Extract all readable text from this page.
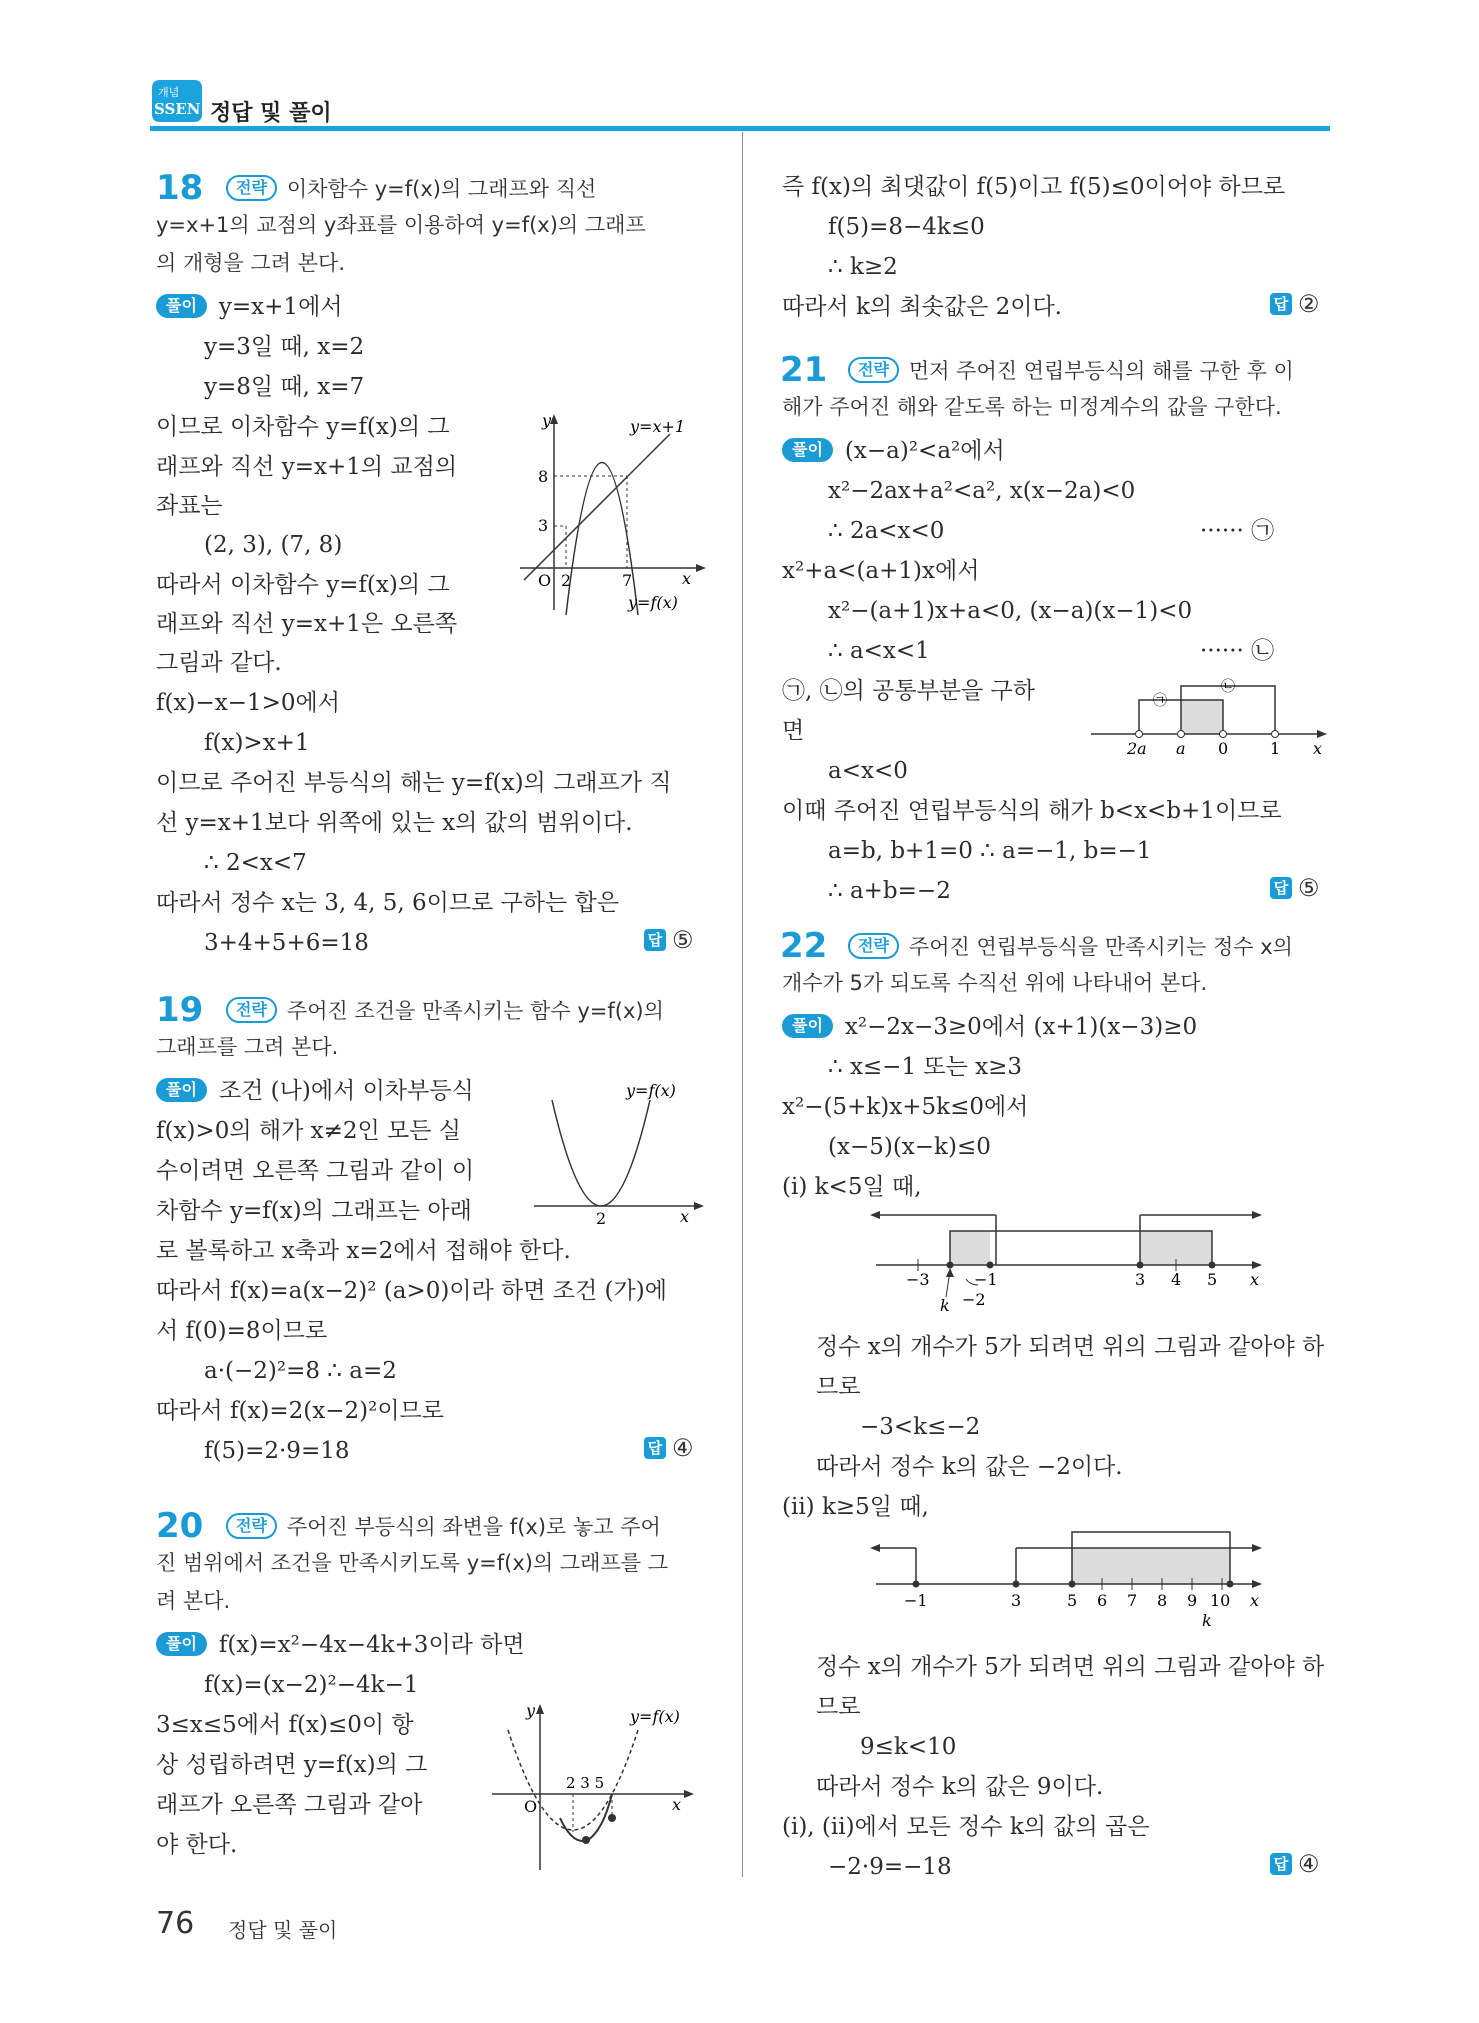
개념
SSEN 정답 및 풀이
18	전략 이차함수 y=f(x)의 그래프와 직선
y=x+1의 교점의 y좌표를 이용하여 y=f(x)의 그래프
의 개형을 그려 본다.
풀이 y=x+1에서
y=3일 때, x=2
y=8일 때, x=7
이므로 이차함수 y=f(x)의 그
래프와 직선 y=x+1의 교점의
좌표는
(2, 3), (7, 8)
따라서 이차함수 y=f(x)의 그
래프와 직선 y=x+1은 오른쪽
그림과 같다.
f(x)−x−1>0에서
f(x)>x+1
이므로 주어진 부등식의 해는 y=f(x)의 그래프가 직
선 y=x+1보다 위쪽에 있는 x의 값의 범위이다.
∴ 2<x<7
따라서 정수 x는 3, 4, 5, 6이므로 구하는 합은
3+4+5+6=18	답 ⑤
y	y=x+1
8
3
O 2	7	x
y=f(x)
19	전략 주어진 조건을 만족시키는 함수 y=f(x)의
그래프를 그려 본다.
풀이 조건 (나)에서 이차부등식
f(x)>0의 해가 x≠2인 모든 실
수이려면 오른쪽 그림과 같이 이
차함수 y=f(x)의 그래프는 아래
로 볼록하고 x축과 x=2에서 접해야 한다.
따라서 f(x)=a(x−2)² (a>0)이라 하면 조건 (가)에
서 f(0)=8이므로
a·(−2)²=8 ∴ a=2
따라서 f(x)=2(x−2)²이므로
f(5)=2·9=18	답 ④
y=f(x)
2	x
20	전략 주어진 부등식의 좌변을 f(x)로 놓고 주어
진 범위에서 조건을 만족시키도록 y=f(x)의 그래프를 그
려 본다.
풀이 f(x)=x²−4x−4k+3이라 하면
f(x)=(x−2)²−4k−1
3≤x≤5에서 f(x)≤0이 항
상 성립하려면 y=f(x)의 그
래프가 오른쪽 그림과 같아
야 한다.
y	y=f(x)
2 3 5
O	x
즉 f(x)의 최댓값이 f(5)이고 f(5)≤0이어야 하므로
f(5)=8−4k≤0
∴ k≥2
따라서 k의 최솟값은 2이다.	답 ②
21	전략 먼저 주어진 연립부등식의 해를 구한 후 이
해가 주어진 해와 같도록 하는 미정계수의 값을 구한다.
풀이 (x−a)²<a²에서
x²−2ax+a²<a², x(x−2a)<0
∴ 2a<x<0	······ ㉠
x²+a<(a+1)x에서
x²−(a+1)x+a<0, (x−a)(x−1)<0
∴ a<x<1	······ ㉡
㉠, ㉡의 공통부분을 구하
면
a<x<0
이때 주어진 연립부등식의 해가 b<x<b+1이므로
a=b, b+1=0 ∴ a=−1, b=−1
∴ a+b=−2	답 ⑤
㉠
㉡
2a a 0	1 x
22	전략 주어진 연립부등식을 만족시키는 정수 x의
개수가 5가 되도록 수직선 위에 나타내어 본다.
풀이 x²−2x−3≥0에서 (x+1)(x−3)≥0
∴ x≤−1 또는 x≥3
x²−(5+k)x+5k≤0에서
(x−5)(x−k)≤0
(i) k<5일 때,
−3	−1	3 4 5 x
k −2
정수 x의 개수가 5가 되려면 위의 그림과 같아야 하
므로
−3<k≤−2
따라서 정수 k의 값은 −2이다.
(ii) k≥5일 때,
−1	3	5 6 7 8 9 10 x
k
정수 x의 개수가 5가 되려면 위의 그림과 같아야 하
므로
9≤k<10
따라서 정수 k의 값은 9이다.
(i), (ii)에서 모든 정수 k의 값의 곱은
−2·9=−18	답 ④
76 정답 및 풀이
